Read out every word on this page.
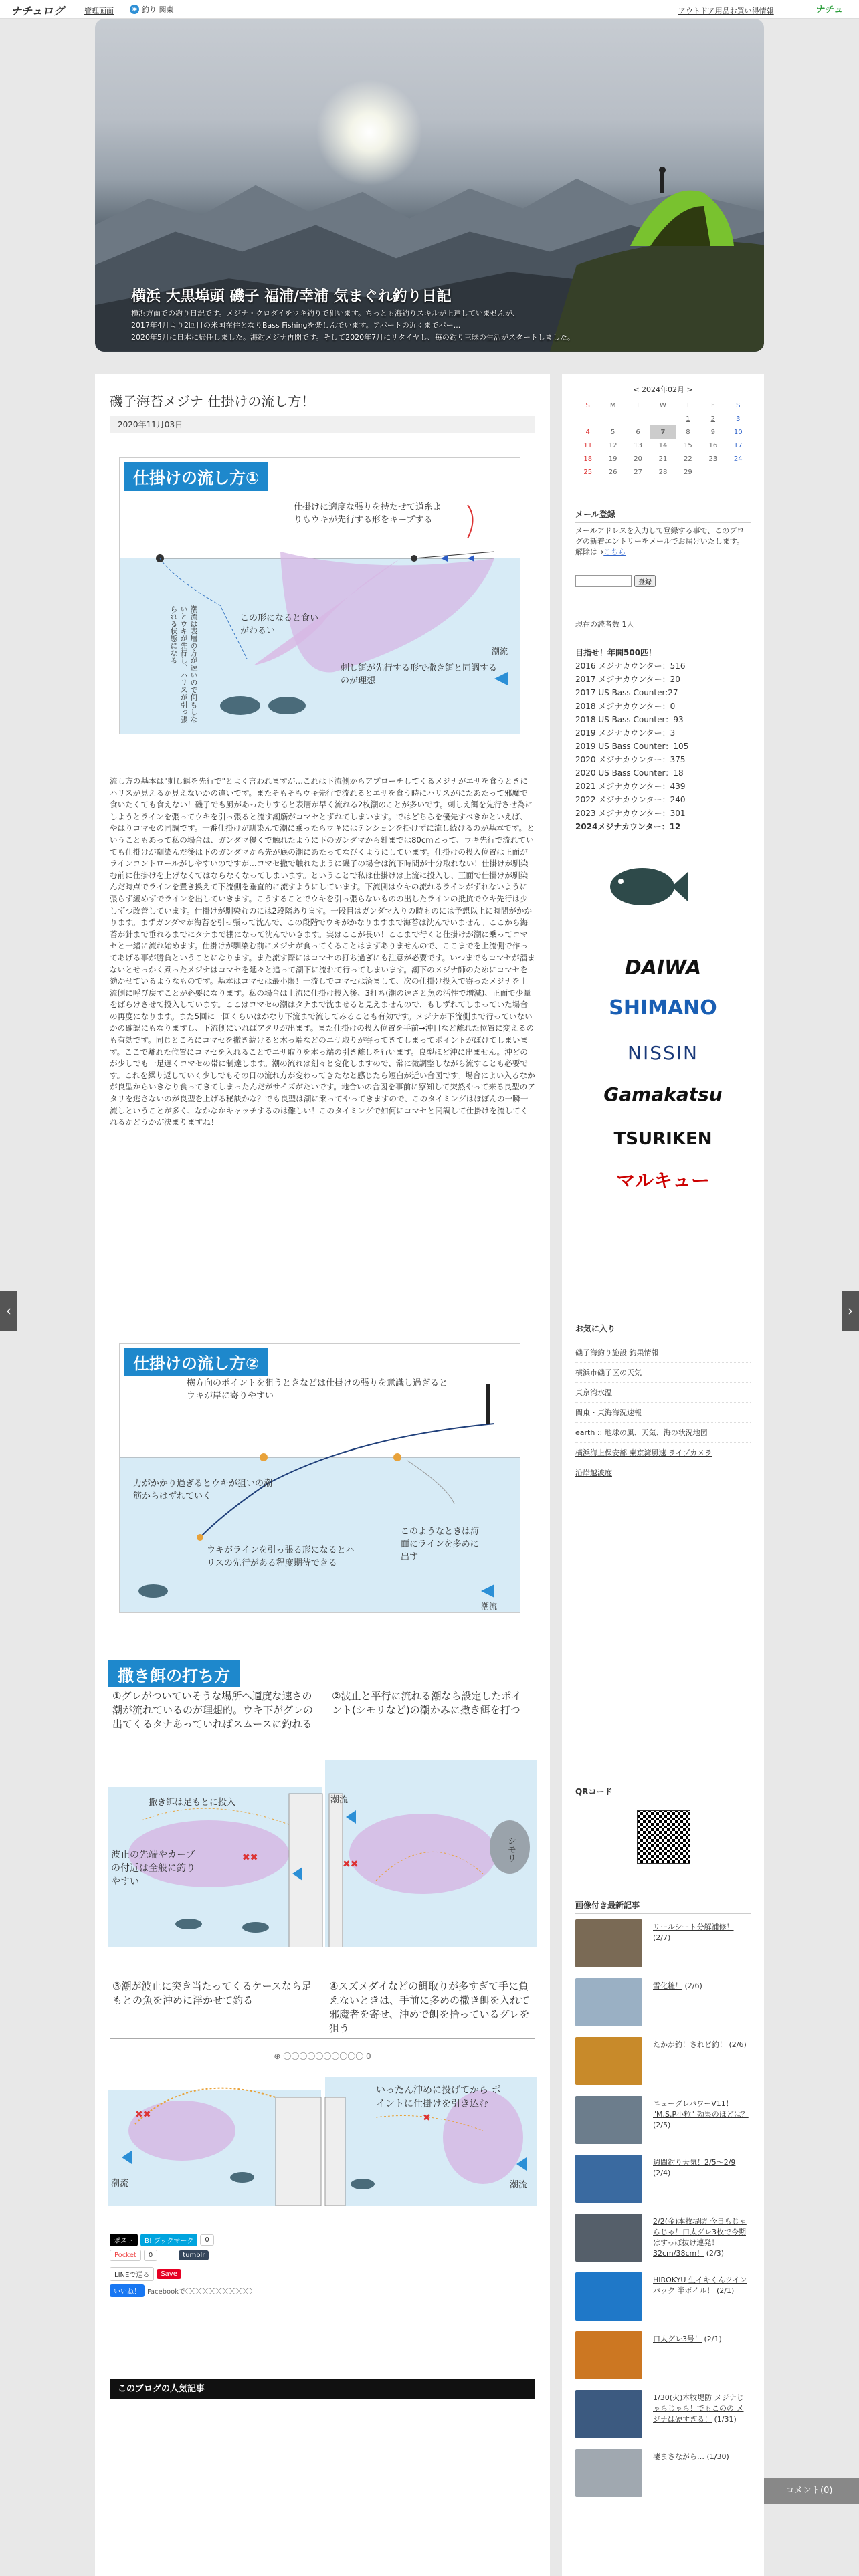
ナチュログ	管理画面	◉ 釣り 関東	アウトドア用品お買い得情報	ナチュ
横浜 大黒埠頭 磯子 福浦/幸浦 気まぐれ釣り日記
横浜方面での釣り日記です。メジナ・クロダイをウキ釣りで狙います。ちっとも海釣りスキルが上達していませんが、
2017年4月より2回目の米国在住となりBass Fishingを楽しんでいます。アパートの近くまでバー...
2020年5月に日本に帰任しました。海釣メジナ再開です。そして2020年7月にリタイヤし、毎の釣り三昧の生活がスタートしました。
‹	›
磯子海苔メジナ 仕掛けの流し方！
2020年11月03日
仕掛けの流し方①
仕掛けに適度な張りを持たせて道糸よりもウキが先行する形をキープする
この形になると食いがわるい
潮流は表層の方が速いので何もしないとウキが先行し、ハリスが引っ張られる状態になる
刺し餌が先行する形で撒き餌と同調するのが理想
潮流
流し方の基本は"刺し餌を先行で"とよく言われますが…これは下流側からアプローチしてくるメジナがエサを食うときにハリスが見えるか見えないかの違いです。またそもそもウキ先行で流れるとエサを食う時にハリスがにたあたって邪魔で食いたくても食えない！磯子でも風があったりすると表層が早く流れる2枚潮のことが多いです。刺しえ餌を先行させ為にしようとラインを張ってウキを引っ張ると流す潮筋がコマセとずれてしまいます。ではどちらを優先すべきかといえば、やはりコマセの同調です。一番仕掛けが馴染んで潮に乗ったらウキにはテンションを掛けずに流し続けるのが基本です。ということもあって私の場合は、ガンダマ優くで触れたように下のガンダマから針までは80cmとって、ウキ先行で流れていても仕掛けが馴染んだ後は下のガンダマから先が底の潮にあたってなびくようにしています。仕掛けの投入位置は正面がラインコントロールがしやすいのですが…コマセ撒で触れたように磯子の場合は流下時間が十分取れない！仕掛けが馴染む前に仕掛けを上げなくてはならなくなってしまいます。ということで私は仕掛けは上流に投入し、正面で仕掛けが馴染んだ時点でラインを置き換えて下流側を垂直的に流すようにしています。下流側はウキの流れるラインがずれないように張らず緩めずでラインを出していきます。こうすることでウキを引っ張らないものの出したラインの抵抗でウキ先行は少しずつ改善しています。仕掛けが馴染むのには2段階あります。一段目はガンダマ入りの時ものには予想以上に時間がかかります。まずガンダマが海苔を引っ張って沈んで、この段階でウキがかなりますまで海苔は沈んでいません。ここから海苔が針まで垂れるまでにタナまで棚になって沈んでいきます。実はここが長い！ここまで行くと仕掛けが潮に乗ってコマセと一緒に流れ始めます。仕掛けが馴染む前にメジナが食ってくることはまずありませんので、ここまでを上流側で作ってあげる事が勝負ということになります。また流す際にはコマセの打ち過ぎにも注意が必要です。いつまでもコマセが溜まないとせっかく煮ったメジナはコマセを延々と追って潮下に流れて行ってしまいます。潮下のメジナ師のためにコマセを効かせているようなものです。基本はコマセは最小限！一流しでコマセは済まして、次の仕掛け投入で寄ったメジナを上流側に呼び戻すことが必要になります。私の場合は上流に仕掛け投入後、3打ち(潮の速さと魚の活性で増減)、正面で少量をばらけさせて投入しています。ここはコマセの潮はタナまで沈ませると見えませんので、もしずれてしまっていた場合の再度になります。また5回に一回くらいはかなり下流まで流してみることも有効です。メジナが下流側まで行っていないかの確認にもなりますし、下流側にいればアタリが出ます。また仕掛けの投入位置を手前→沖目など離れた位置に変えるのも有効です。同じところにコマセを撒き続けると木っ端などのエサ取りが寄ってきてしまってポイントがぼけてしまいます。ここで離れた位置にコマセを入れることでエサ取りを本っ端の引き離しを行います。良型ほど沖に出ません。沖どのが少しでも一足遅くコマセの帯に制達します。潮の流れは刻々と変化しますので、常に微調整しながら流すことも必要です。これを繰り返していく少しでもその日の流れ方が変わってきたなと感じたら短白が近い合図です。場合によい入るなかが良型からいきなり食ってきてしまったんだがサイズがたいです。地合いの合図を事前に察知して突然やって来る良型のアタリを逃さないのが良型を上げる秘訣かな？でも良型は潮に乗ってやってきますので、このタイミングはほぼんの一瞬一流しということが多く、なかなかキャッチするのは難しい！このタイミングで如何にコマセと同調して仕掛けを流してくれるかどうかが決まりますね！
仕掛けの流し方②
横方向のポイントを狙うときなどは仕掛けの張りを意識し過ぎるとウキが岸に寄りやすい
力がかかり過ぎるとウキが狙いの潮筋からはずれていく
ウキがラインを引っ張る形になるとハリスの先行がある程度期待できる
このようなときは海面にラインを多めに出す
潮流
撒き餌の打ち方
①グレがついていそうな場所へ適度な速さの潮が流れているのが理想的。ウキ下がグレの出てくるタナあっていればスムースに釣れる
②波止と平行に流れる潮なら設定したポイント(シモリなど)の潮かみに撒き餌を打つ
✖✖
✖✖
撒き餌は足もとに投入
波止の先端やカーブの付近は全般に釣りやすい
潮流
シモリ
③潮が波止に突き当たってくるケースなら足もとの魚を沖めに浮かせて釣る
④スズメダイなどの餌取りが多すぎて手に負えないときは、手前に多めの撒き餌を入れて邪魔者を寄せ、沖めで餌を拾っているグレを狙う
✖✖	✖
いったん沖めに投げてから ポイントに仕掛けを引き込む
潮流	潮流
⊕ 〇〇〇〇〇〇〇〇〇〇 0
ポスト	B! ブックマーク	0
Pocket	0	tumblr
LINEで送る	Save
いいね！	Facebookで〇〇〇〇〇〇〇〇〇〇
このブログの人気記事
< 2024年02月 >
S	M	T	W	T	F	S
				1	2	3
4	5	6	7	8	9	10
11	12	13	14	15	16	17
18	19	20	21	22	23	24
25	26	27	28	29		
メール登録
メールアドレスを入力して登録する事で、このブログの新着エントリーをメールでお届けいたします。解除は→こちら
登録
現在の読者数 1人
目指せ！年間500匹！
2016 メジナカウンター：516
2017 メジナカウンター：20
2017 US Bass Counter:27
2018 メジナカウンター：0
2018 US Bass Counter：93
2019 メジナカウンター：3
2019 US Bass Counter：105
2020 メジナカウンター：375
2020 US Bass Counter：18
2021 メジナカウンター：439
2022 メジナカウンター：240
2023 メジナカウンター：301
2024メジナカウンター：12
DAIWA
SHIMANO
NISSIN
Gamakatsu
TSURIKEN
マルキュー
お気に入り
磯子海釣り施設 釣果情報
横浜市磯子区の天気
東京湾水温
関東・東海海況速報
earth :: 地球の風、天気、海の状況地図
横浜海上保安部 東京湾風速 ライブカメラ
沿岸越波度
QRコード
画像付き最新記事
リールシート分解補修！ (2/7)
雪化粧！ (2/6)
たかが釣！されど釣！ (2/6)
ニューグレパワーV11！ "M.S.P小粒" 効果のほどは？ (2/5)
週間釣り天気！2/5～2/9 (2/4)
2/2(金)本牧堤防 今日もじゃらじゃ！口太グレ3枚で今期はすっぽ抜け連発！32cm/38cm！ (2/3)
HIROKYU 生イキくんツインパック 半ボイル！ (2/1)
口太グレ3号！ (2/1)
1/30(火)本牧堤防 メジナじゃらじゃら！でもこのの メジナは硬すぎる！ (1/31)
凄まさながら… (1/30)
コメント(0)
